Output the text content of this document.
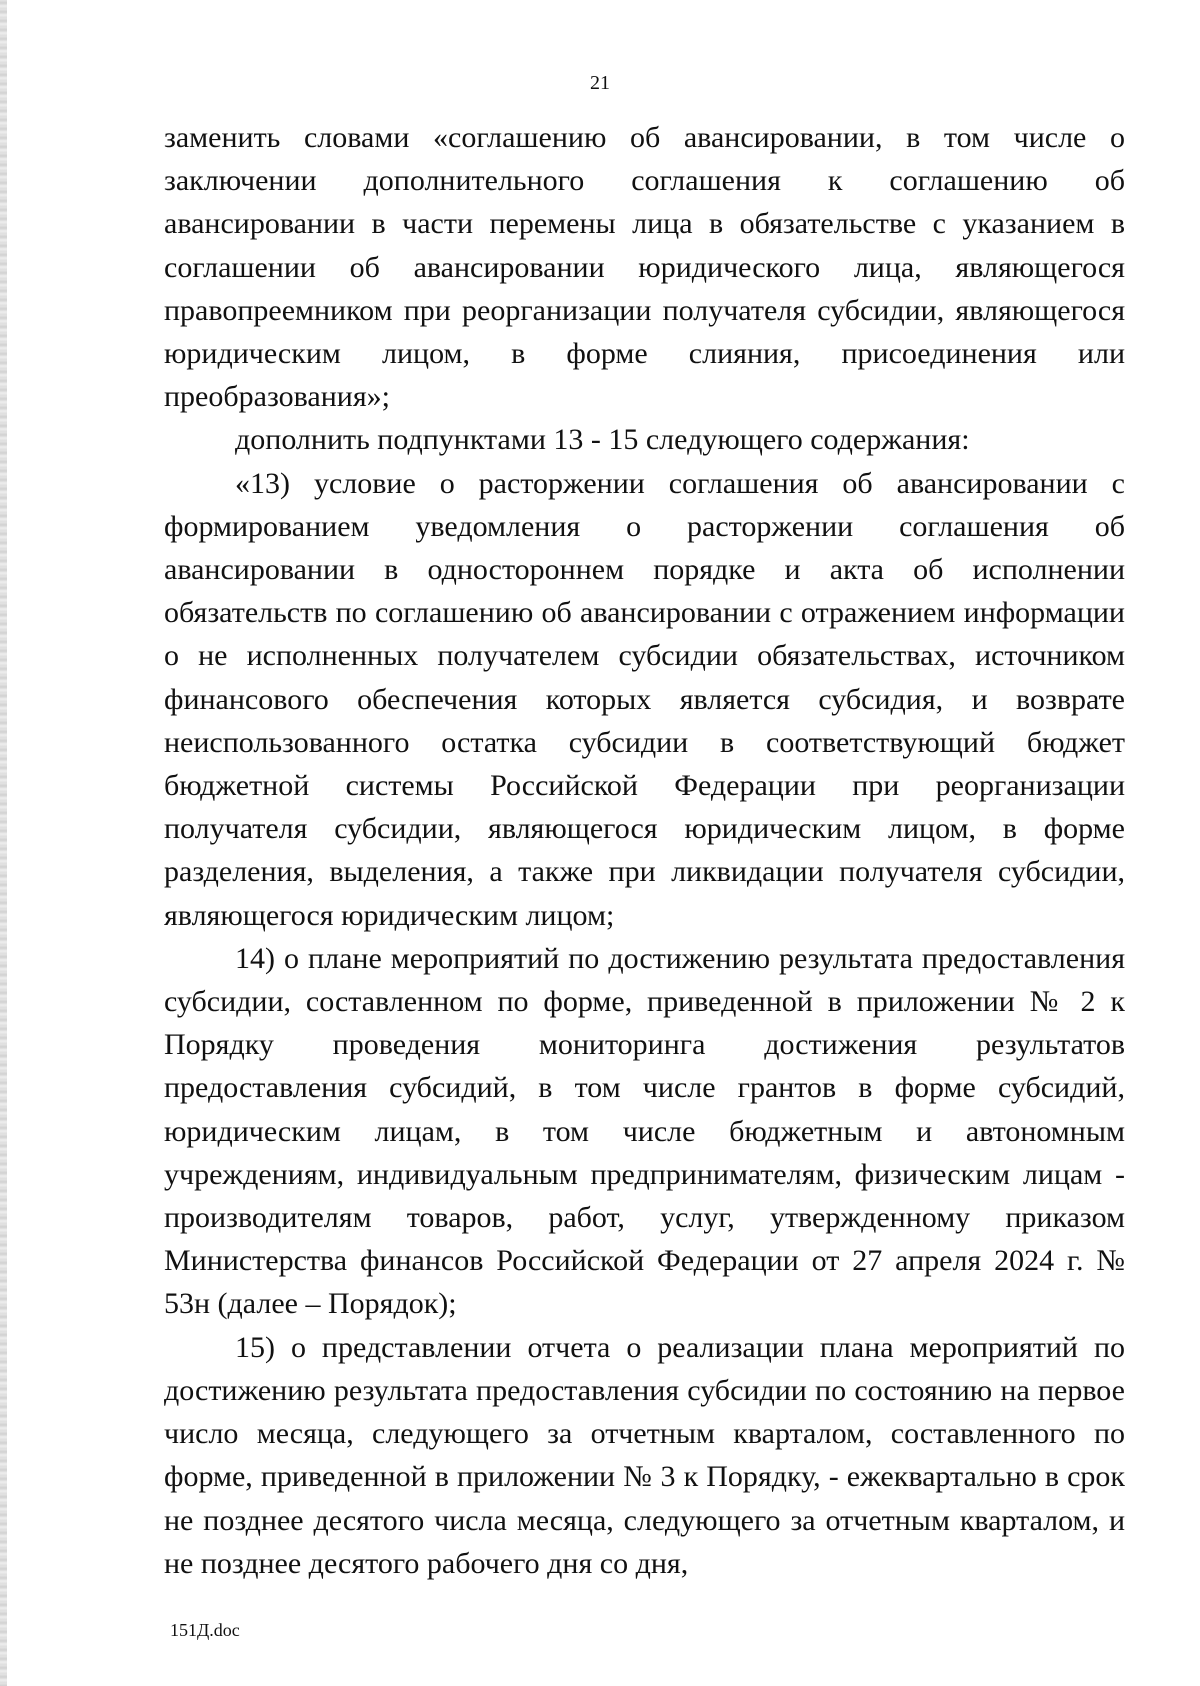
21

заменить словами «соглашению об авансировании, в том числе о заключении дополнительного соглашения к соглашению об авансировании в части перемены лица в обязательстве с указанием в соглашении об авансировании юридического лица, являющегося правопреемником при реорганизации получателя субсидии, являющегося юридическим лицом, в форме слияния, присоединения или преобразования»;

дополнить подпунктами 13 - 15 следующего содержания:

«13) условие о расторжении соглашения об авансировании с формированием уведомления о расторжении соглашения об авансировании в одностороннем порядке и акта об исполнении обязательств по соглашению об авансировании с отражением информации о не исполненных получателем субсидии обязательствах, источником финансового обеспечения которых является субсидия, и возврате неиспользованного остатка субсидии в соответствующий бюджет бюджетной системы Российской Федерации при реорганизации получателя субсидии, являющегося юридическим лицом, в форме разделения, выделения, а также при ликвидации получателя субсидии, являющегося юридическим лицом;

14) о плане мероприятий по достижению результата предоставления субсидии, составленном по форме, приведенной в приложении № 2 к Порядку проведения мониторинга достижения результатов предоставления субсидий, в том числе грантов в форме субсидий, юридическим лицам, в том числе бюджетным и автономным учреждениям, индивидуальным предпринимателям, физическим лицам - производителям товаров, работ, услуг, утвержденному приказом Министерства финансов Российской Федерации от 27 апреля 2024 г. № 53н (далее – Порядок);

15) о представлении отчета о реализации плана мероприятий по достижению результата предоставления субсидии по состоянию на первое число месяца, следующего за отчетным кварталом, составленного по форме, приведенной в приложении № 3 к Порядку, - ежеквартально в срок не позднее десятого числа месяца, следующего за отчетным кварталом, и не позднее десятого рабочего дня со дня,

151Д.doc
